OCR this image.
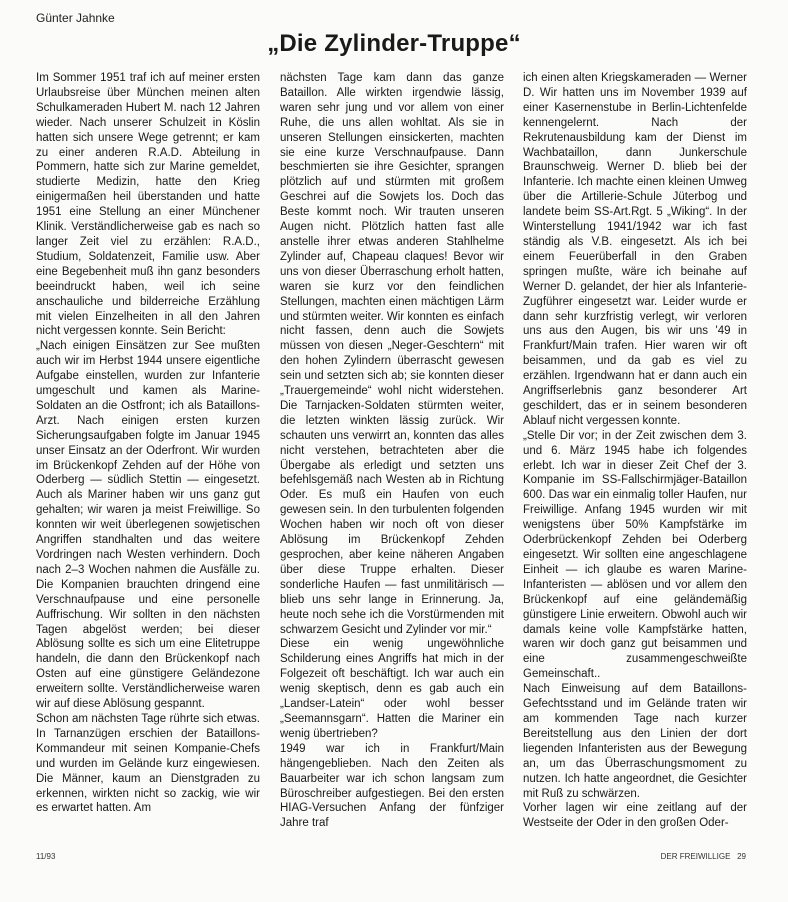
Günter Jahnke
„Die Zylinder-Truppe“

Im Sommer 1951 traf ich auf meiner ersten Urlaubsreise über München meinen alten Schulkameraden Hubert M. nach 12 Jahren wieder. Nach unserer Schulzeit in Köslin hatten sich unsere Wege getrennt; er kam zu einer anderen R.A.D. Abteilung in Pommern, hatte sich zur Marine gemeldet, studierte Medizin, hatte den Krieg einigermaßen heil überstanden und hatte 1951 eine Stellung an einer Münchener Klinik. Verständlicherweise gab es nach so langer Zeit viel zu erzählen: R.A.D., Studium, Soldatenzeit, Familie usw. Aber eine Begebenheit muß ihn ganz besonders beeindruckt haben, weil ich seine anschauliche und bilderreiche Erzählung mit vielen Einzelheiten in all den Jahren nicht vergessen konnte. Sein Bericht:

„Nach einigen Einsätzen zur See mußten auch wir im Herbst 1944 unsere eigentliche Aufgabe einstellen, wurden zur Infanterie umgeschult und kamen als Marine-Soldaten an die Ostfront; ich als Bataillons-Arzt. Nach einigen ersten kurzen Sicherungsaufgaben folgte im Januar 1945 unser Einsatz an der Oderfront. Wir wurden im Brückenkopf Zehden auf der Höhe von Oderberg — südlich Stettin — eingesetzt. Auch als Mariner haben wir uns ganz gut gehalten; wir waren ja meist Freiwillige. So konnten wir weit überlegenen sowjetischen Angriffen standhalten und das weitere Vordringen nach Westen verhindern. Doch nach 2–3 Wochen nahmen die Ausfälle zu. Die Kompanien brauchten dringend eine Verschnaufpause und eine personelle Auffrischung. Wir sollten in den nächsten Tagen abgelöst werden; bei dieser Ablösung sollte es sich um eine Elitetruppe handeln, die dann den Brückenkopf nach Osten auf eine günstigere Geländezone erweitern sollte. Verständlicherweise waren wir auf diese Ablösung gespannt.

Schon am nächsten Tage rührte sich etwas. In Tarnanzügen erschien der Bataillons-Kommandeur mit seinen Kompanie-Chefs und wurden im Gelände kurz eingewiesen. Die Männer, kaum an Dienstgraden zu erkennen, wirkten nicht so zackig, wie wir es erwartet hatten. Am

nächsten Tage kam dann das ganze Bataillon. Alle wirkten irgendwie lässig, waren sehr jung und vor allem von einer Ruhe, die uns allen wohltat. Als sie in unseren Stellungen einsickerten, machten sie eine kurze Verschnaufpause. Dann beschmierten sie ihre Gesichter, sprangen plötzlich auf und stürmten mit großem Geschrei auf die Sowjets los. Doch das Beste kommt noch. Wir trauten unseren Augen nicht. Plötzlich hatten fast alle anstelle ihrer etwas anderen Stahlhelme Zylinder auf, Chapeau claques! Bevor wir uns von dieser Überraschung erholt hatten, waren sie kurz vor den feindlichen Stellungen, machten einen mächtigen Lärm und stürmten weiter. Wir konnten es einfach nicht fassen, denn auch die Sowjets müssen von diesen „Neger-Geschtern“ mit den hohen Zylindern überrascht gewesen sein und setzten sich ab; sie konnten dieser „Trauergemeinde“ wohl nicht widerstehen. Die Tarnjacken-Soldaten stürmten weiter, die letzten winkten lässig zurück. Wir schauten uns verwirrt an, konnten das alles nicht verstehen, betrachteten aber die Übergabe als erledigt und setzten uns befehlsgemäß nach Westen ab in Richtung Oder. Es muß ein Haufen von euch gewesen sein. In den turbulenten folgenden Wochen haben wir noch oft von dieser Ablösung im Brückenkopf Zehden gesprochen, aber keine näheren Angaben über diese Truppe erhalten. Dieser sonderliche Haufen — fast unmilitärisch — blieb uns sehr lange in Erinnerung. Ja, heute noch sehe ich die Vorstürmenden mit schwarzem Gesicht und Zylinder vor mir.“

Diese ein wenig ungewöhnliche Schilderung eines Angriffs hat mich in der Folgezeit oft beschäftigt. Ich war auch ein wenig skeptisch, denn es gab auch ein „Landser-Latein“ oder wohl besser „Seemannsgarn“. Hatten die Mariner ein wenig übertrieben?

1949 war ich in Frankfurt/Main hängengeblieben. Nach den Zeiten als Bauarbeiter war ich schon langsam zum Büroschreiber aufgestiegen. Bei den ersten HIAG-Versuchen Anfang der fünfziger Jahre traf

ich einen alten Kriegskameraden — Werner D. Wir hatten uns im November 1939 auf einer Kasernenstube in Berlin-Lichtenfelde kennengelernt. Nach der Rekrutenausbildung kam der Dienst im Wachbataillon, dann Junkerschule Braunschweig. Werner D. blieb bei der Infanterie. Ich machte einen kleinen Umweg über die Artillerie-Schule Jüterbog und landete beim SS-Art.Rgt. 5 „Wiking“. In der Winterstellung 1941/1942 war ich fast ständig als V.B. eingesetzt. Als ich bei einem Feuerüberfall in den Graben springen mußte, wäre ich beinahe auf Werner D. gelandet, der hier als Infanterie-Zugführer eingesetzt war. Leider wurde er dann sehr kurzfristig verlegt, wir verloren uns aus den Augen, bis wir uns '49 in Frankfurt/Main trafen. Hier waren wir oft beisammen, und da gab es viel zu erzählen. Irgendwann hat er dann auch ein Angriffserlebnis ganz besonderer Art geschildert, das er in seinem besonderen Ablauf nicht vergessen konnte.

„Stelle Dir vor; in der Zeit zwischen dem 3. und 6. März 1945 habe ich folgendes erlebt. Ich war in dieser Zeit Chef der 3. Kompanie im SS-Fallschirmjäger-Bataillon 600. Das war ein einmalig toller Haufen, nur Freiwillige. Anfang 1945 wurden wir mit wenigstens über 50% Kampfstärke im Oderbrückenkopf Zehden bei Oderberg eingesetzt. Wir sollten eine angeschlagene Einheit — ich glaube es waren Marine-Infanteristen — ablösen und vor allem den Brückenkopf auf eine geländemäßig günstigere Linie erweitern. Obwohl auch wir damals keine volle Kampfstärke hatten, waren wir doch ganz gut beisammen und eine zusammengeschweißte Gemeinschaft..

Nach Einweisung auf dem Bataillons-Gefechtsstand und im Gelände traten wir am kommenden Tage nach kurzer Bereitstellung aus den Linien der dort liegenden Infanteristen aus der Bewegung an, um das Überraschungsmoment zu nutzen. Ich hatte angeordnet, die Gesichter mit Ruß zu schwärzen.

Vorher lagen wir eine zeitlang auf der Westseite der Oder in den großen Oder-

11/93	DER FREIWILLIGE 29
